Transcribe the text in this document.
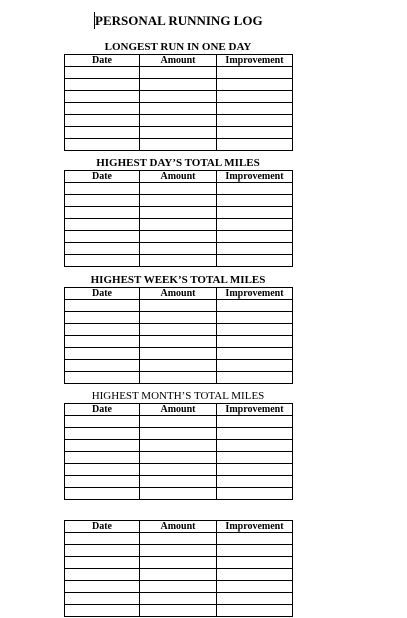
PERSONAL RUNNING LOG
LONGEST RUN IN ONE DAY
Date	Amount	Improvement

HIGHEST DAY’S TOTAL MILES
Date	Amount	Improvement

HIGHEST WEEK’S TOTAL MILES
Date	Amount	Improvement

HIGHEST MONTH’S TOTAL MILES
Date	Amount	Improvement

Date	Amount	Improvement
